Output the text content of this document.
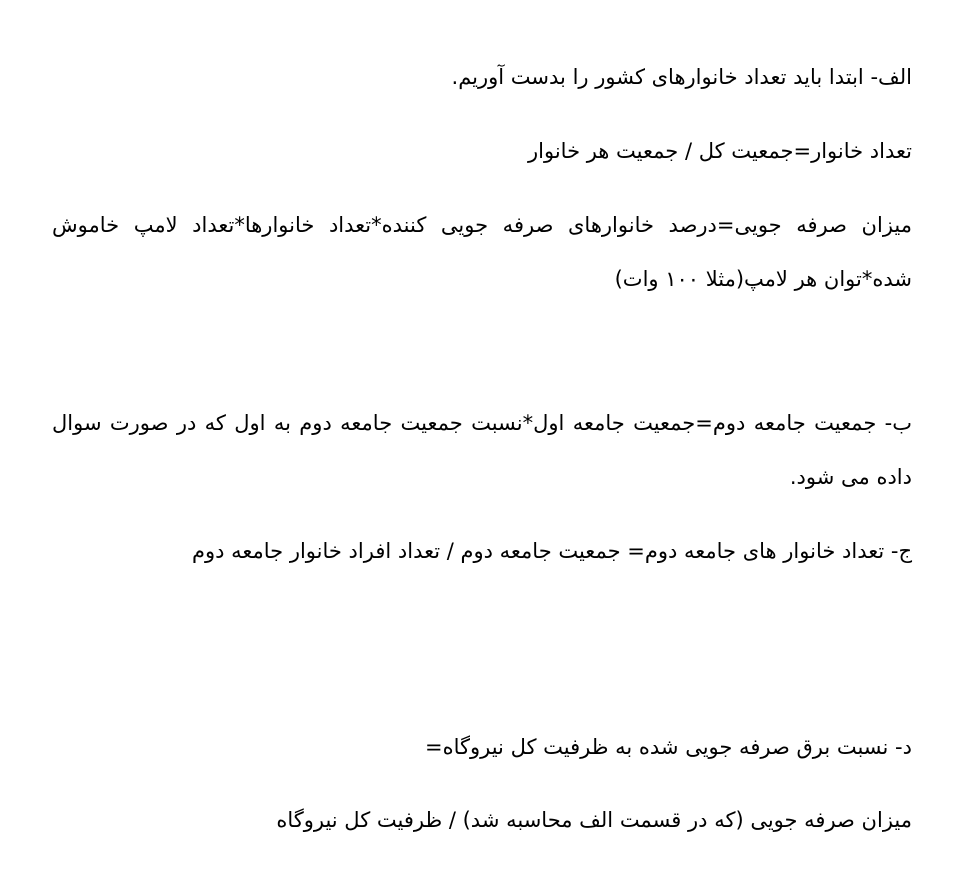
الف- ابتدا باید تعداد خانوارهای کشور را بدست آوریم.

تعداد خانوار=جمعیت کل / جمعیت هر خانوار

میزان صرفه جویی=درصد خانوارهای صرفه جویی کننده*تعداد خانوارها*تعداد لامپ خاموش شده*توان هر لامپ(مثلا ۱۰۰ وات)

ب- جمعیت جامعه دوم=جمعیت جامعه اول*نسبت جمعیت جامعه دوم به اول که در صورت سوال داده می شود.

ج- تعداد خانوار های جامعه دوم= جمعیت جامعه دوم / تعداد افراد خانوار جامعه دوم

د- نسبت برق صرفه جویی شده به ظرفیت کل نیروگاه=

میزان صرفه جویی (که در قسمت الف محاسبه شد) / ظرفیت کل نیروگاه
